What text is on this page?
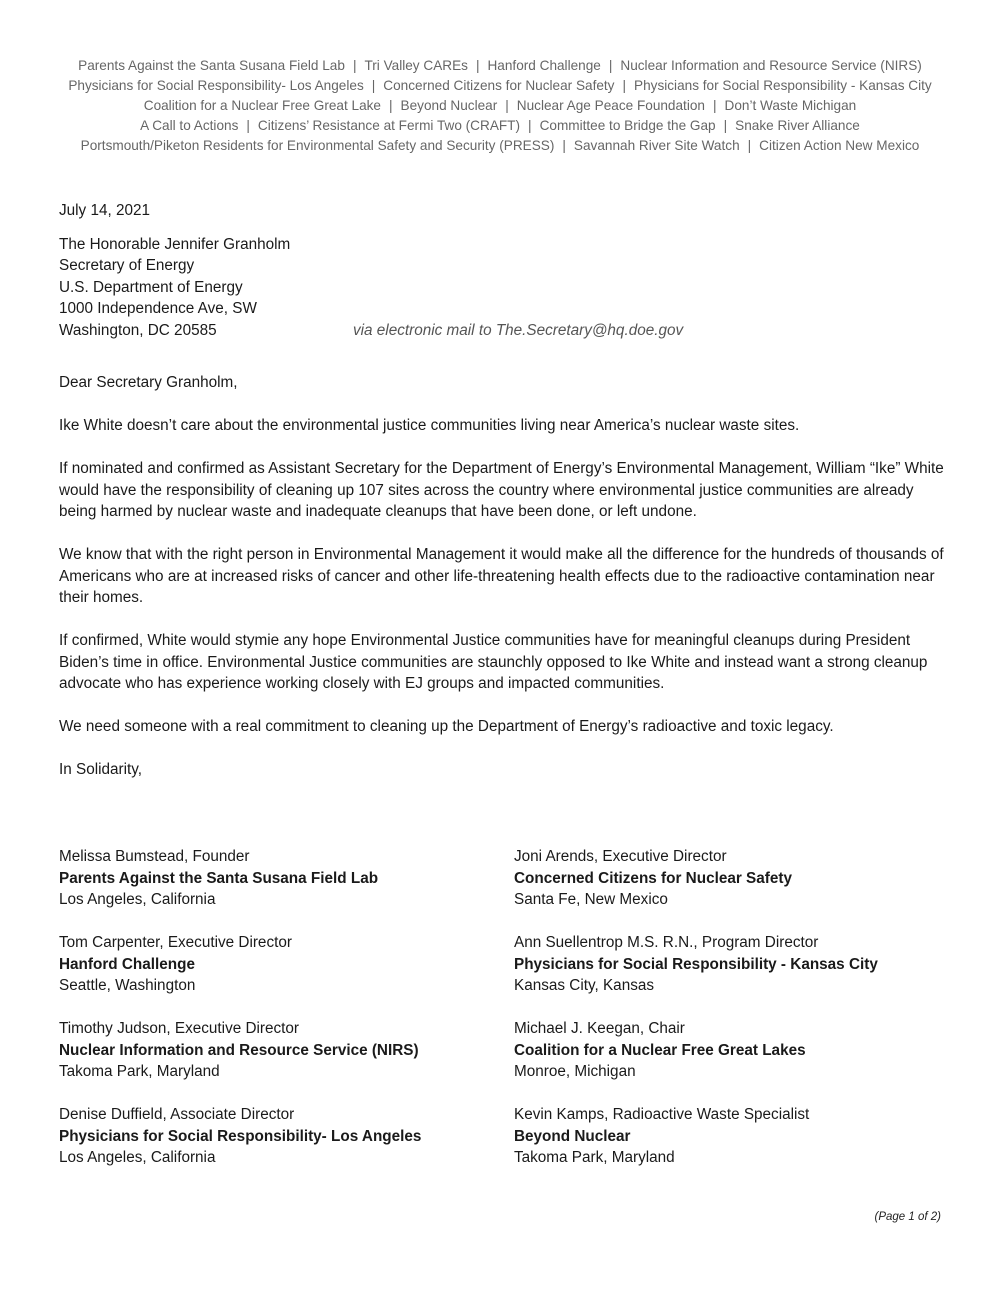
Parents Against the Santa Susana Field Lab | Tri Valley CAREs | Hanford Challenge | Nuclear Information and Resource Service (NIRS)
Physicians for Social Responsibility- Los Angeles | Concerned Citizens for Nuclear Safety | Physicians for Social Responsibility - Kansas City
Coalition for a Nuclear Free Great Lake | Beyond Nuclear | Nuclear Age Peace Foundation | Don’t Waste Michigan
A Call to Actions | Citizens’ Resistance at Fermi Two (CRAFT) | Committee to Bridge the Gap | Snake River Alliance
Portsmouth/Piketon Residents for Environmental Safety and Security (PRESS) | Savannah River Site Watch | Citizen Action New Mexico

July 14, 2021

The Honorable Jennifer Granholm
Secretary of Energy
U.S. Department of Energy
1000 Independence Ave, SW
Washington, DC 20585	via electronic mail to The.Secretary@hq.doe.gov

Dear Secretary Granholm,

Ike White doesn’t care about the environmental justice communities living near America’s nuclear waste sites.

If nominated and confirmed as Assistant Secretary for the Department of Energy’s Environmental Management, William “Ike” White would have the responsibility of cleaning up 107 sites across the country where environmental justice communities are already being harmed by nuclear waste and inadequate cleanups that have been done, or left undone.

We know that with the right person in Environmental Management it would make all the difference for the hundreds of thousands of Americans who are at increased risks of cancer and other life-threatening health effects due to the radioactive contamination near their homes.

If confirmed, White would stymie any hope Environmental Justice communities have for meaningful cleanups during President Biden’s time in office. Environmental Justice communities are staunchly opposed to Ike White and instead want a strong cleanup advocate who has experience working closely with EJ groups and impacted communities.

We need someone with a real commitment to cleaning up the Department of Energy’s radioactive and toxic legacy.

In Solidarity,

Melissa Bumstead, Founder
Parents Against the Santa Susana Field Lab
Los Angeles, California
Joni Arends, Executive Director
Concerned Citizens for Nuclear Safety
Santa Fe, New Mexico
Tom Carpenter, Executive Director
Hanford Challenge
Seattle, Washington
Ann Suellentrop M.S. R.N., Program Director
Physicians for Social Responsibility - Kansas City
Kansas City, Kansas
Timothy Judson, Executive Director
Nuclear Information and Resource Service (NIRS)
Takoma Park, Maryland
Michael J. Keegan, Chair
Coalition for a Nuclear Free Great Lakes
Monroe, Michigan
Denise Duffield, Associate Director
Physicians for Social Responsibility- Los Angeles
Los Angeles, California
Kevin Kamps, Radioactive Waste Specialist
Beyond Nuclear
Takoma Park, Maryland
(Page 1 of 2)
